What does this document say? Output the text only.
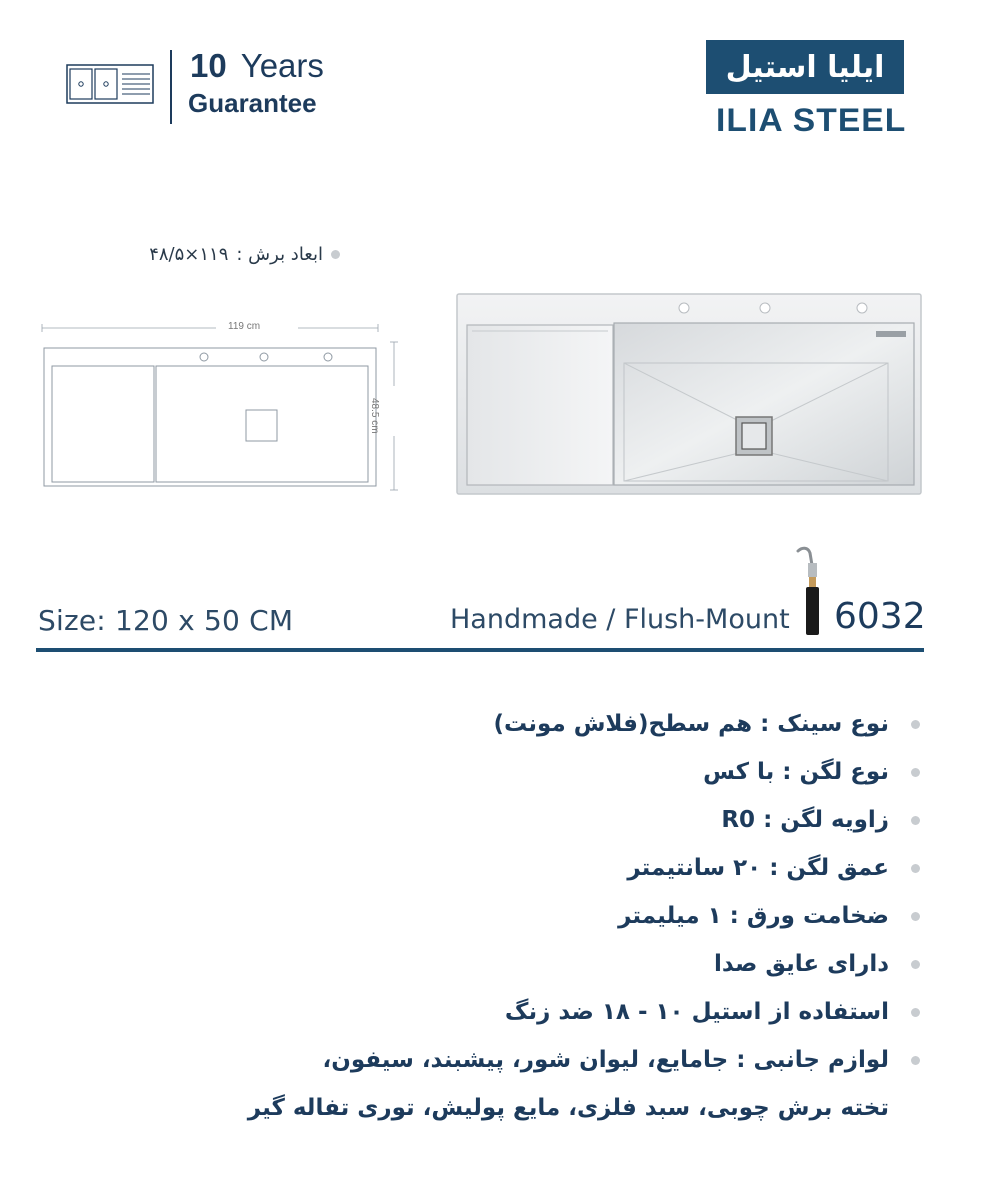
10 Years
Guarantee
ایلیا استیل
ILIA STEEL
ابعاد برش :
۱۱۹×۴۸/۵
119 cm
48.5 cm
Size: 120 x 50 CM	Handmade / Flush-Mount 6032
نوع سینک : هم سطح(فلاش مونت)
نوع لگن : با کس
زاویه لگن : R0
عمق لگن : ۲۰ سانتیمتر
ضخامت ورق : ۱ میلیمتر
دارای عایق صدا
استفاده از استیل ۱۰ - ۱۸ ضد زنگ
لوازم جانبی : جامایع، لیوان شور، پیشبند، سیفون،
تخته برش چوبی، سبد فلزی، مایع پولیش، توری تفاله گیر
